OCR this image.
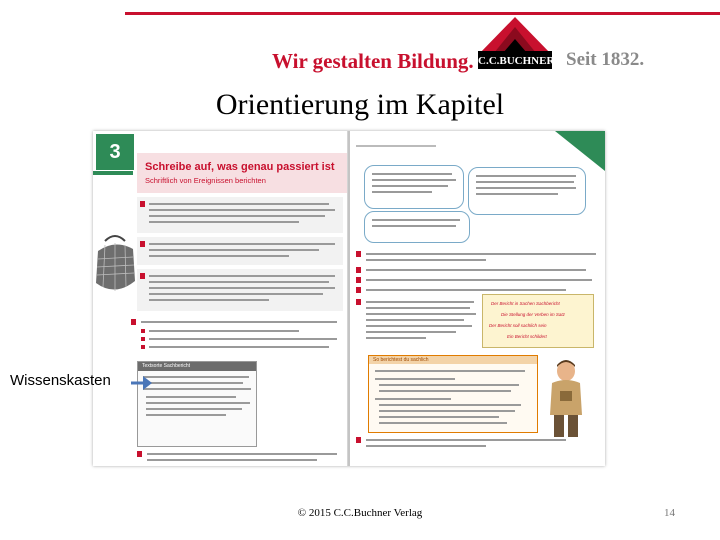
Wir gestalten Bildung. C.C.BUCHNER Seit 1832.
Orientierung im Kapitel
3
Schreibe auf, was genau passiert ist
Schriftlich von Ereignissen berichten
Textsorte Sachbericht
Der Bericht in Sachen Sachbericht
Die Stellung der Verben im Satz
Der Bericht soll sachlich sein
Ein Bericht schildert
So berichtest du sachlich
Wissenskasten
© 2015 C.C.Buchner Verlag	14
